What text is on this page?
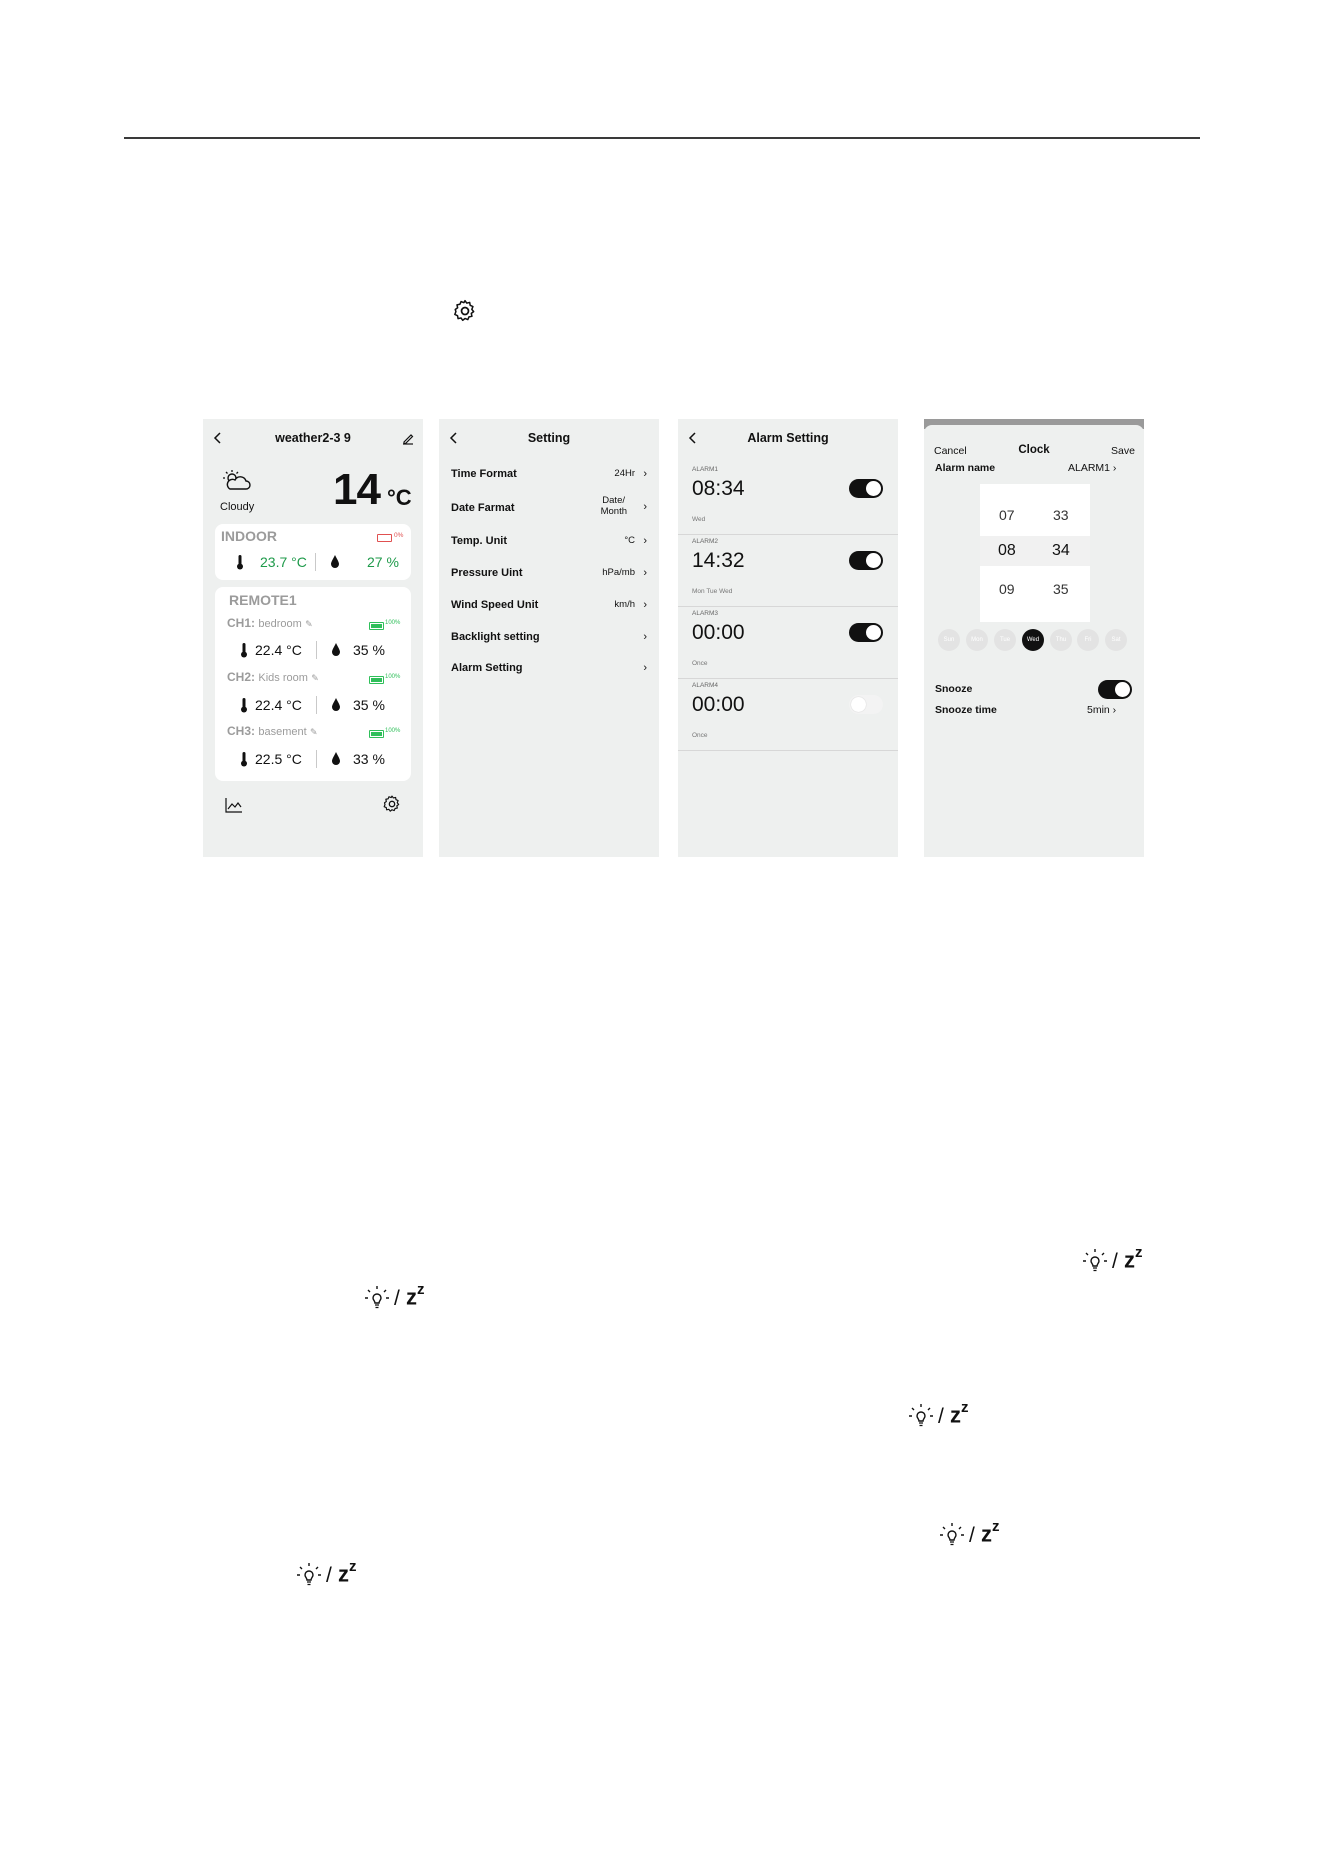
weather2-3 9
Cloudy 14 °C
INDOOR	0%
23.7 °C	27 %
REMOTE1
CH1: bedroom ✎	100%
22.4 °C	35 %
CH2: Kids room ✎	100%
22.4 °C	35 %
CH3: basement ✎	100%
22.5 °C	33 %
Setting
Time Format	24Hr ›
Date Farmat
Date/
Month ›
Temp. Unit	°C ›
Pressure Uint	hPa/mb ›
Wind Speed Unit	km/h ›
Backlight setting	›
Alarm Setting	›
Alarm Setting
ALARM1
08:34
Wed
ALARM2
14:32
Mon Tue Wed
ALARM3
00:00
Once
ALARM4
00:00
Once
Cancel	Clock	Save
Alarm name	ALARM1 ›
07
08
09
33
34
35
Sun	Mon	Tue	Wed	Thu	Fri	Sat
Snooze
Snooze time	5min ›
/ $z^z$
/ $z^z$
/ $z^z$
/ $z^z$
/ $z^z$
